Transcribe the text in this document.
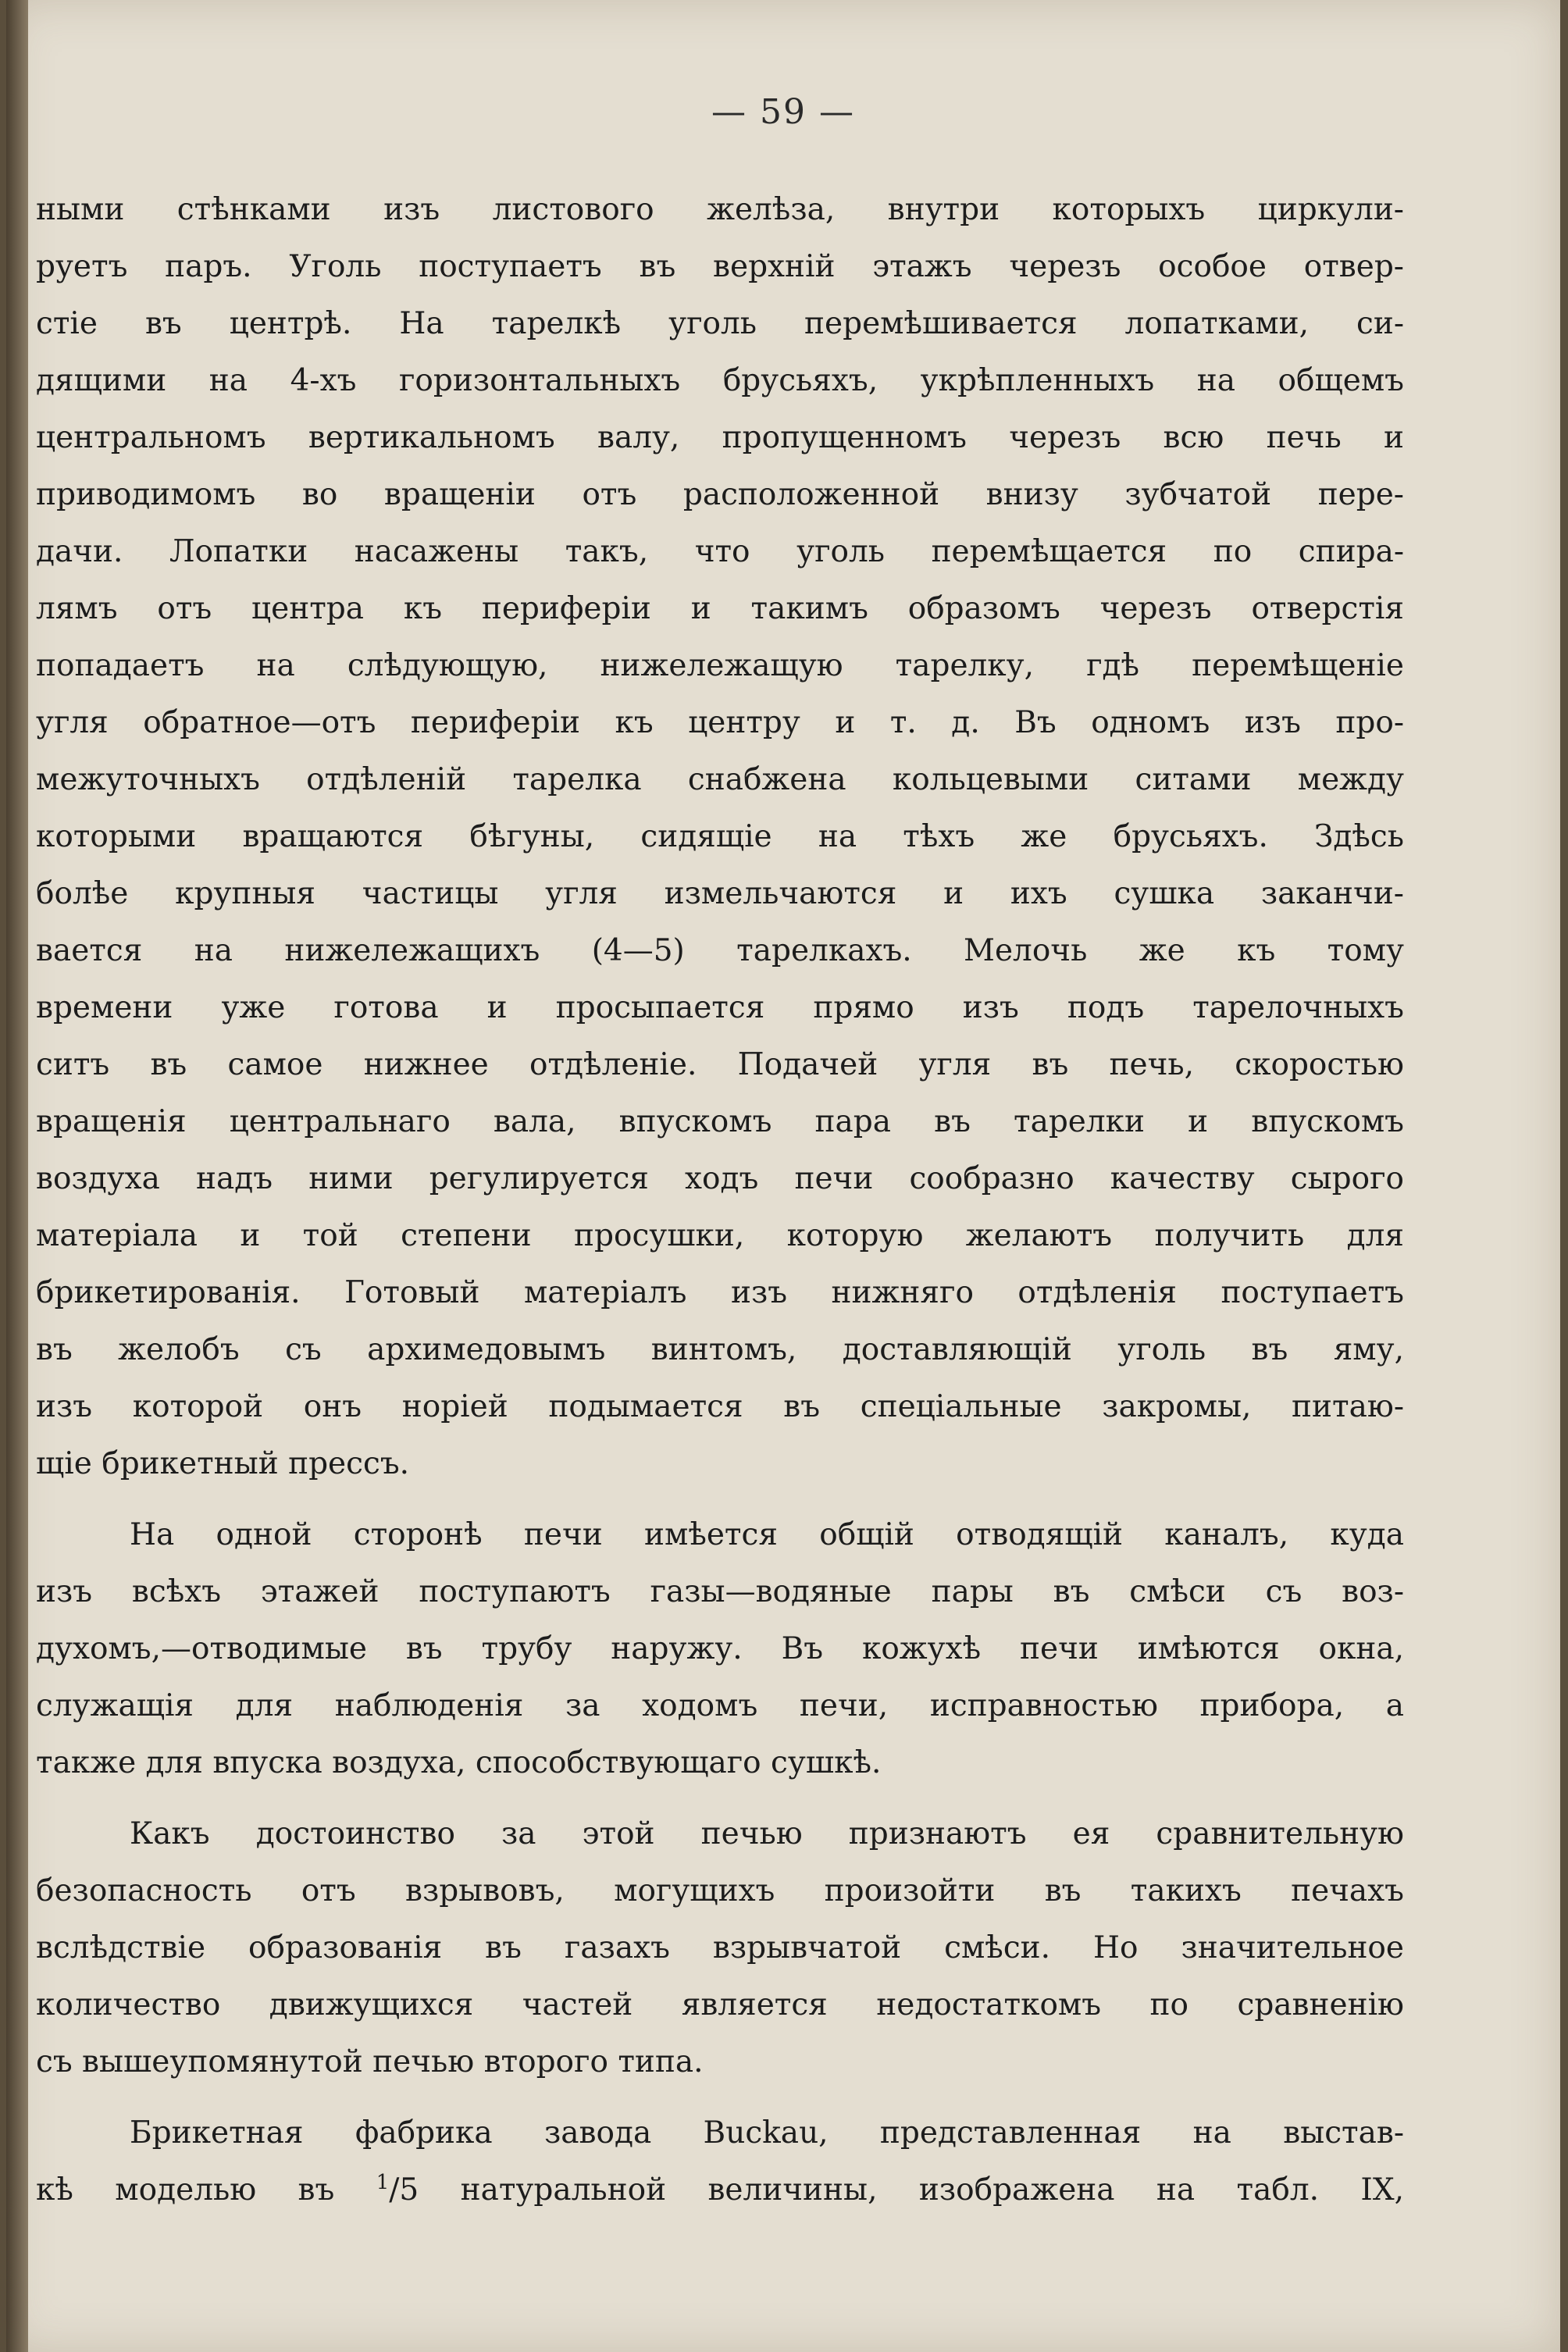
— 59 —
ными стѣнками изъ листового желѣза, внутри которыхъ циркули-
руетъ паръ. Уголь поступаетъ въ верхній этажъ черезъ особое отвер-
стіе въ центрѣ. На тарелкѣ уголь перемѣшивается лопатками, си-
дящими на 4-хъ горизонтальныхъ брусьяхъ, укрѣпленныхъ на общемъ
центральномъ вертикальномъ валу, пропущенномъ черезъ всю печь и
приводимомъ во вращеніи отъ расположенной внизу зубчатой пере-
дачи. Лопатки насажены такъ, что уголь перемѣщается по спира-
лямъ отъ центра къ периферіи и такимъ образомъ черезъ отверстія
попадаетъ на слѣдующую, нижележащую тарелку, гдѣ перемѣщеніе
угля обратное—отъ периферіи къ центру и т. д. Въ одномъ изъ про-
межуточныхъ отдѣленій тарелка снабжена кольцевыми ситами между
которыми вращаются бѣгуны, сидящіе на тѣхъ же брусьяхъ. Здѣсь
болѣе крупныя частицы угля измельчаются и ихъ сушка заканчи-
вается на нижележащихъ (4—5) тарелкахъ. Мелочь же къ тому
времени уже готова и просыпается прямо изъ подъ тарелочныхъ
ситъ въ самое нижнее отдѣленіе. Подачей угля въ печь, скоростью
вращенія центральнаго вала, впускомъ пара въ тарелки и впускомъ
воздуха надъ ними регулируется ходъ печи сообразно качеству сырого
матеріала и той степени просушки, которую желаютъ получить для
брикетированія. Готовый матеріалъ изъ нижняго отдѣленія поступаетъ
въ желобъ съ архимедовымъ винтомъ, доставляющій уголь въ яму,
изъ которой онъ норіей подымается въ спеціальные закромы, питаю-
щіе брикетный прессъ.
На одной сторонѣ печи имѣется общій отводящій каналъ, куда
изъ всѣхъ этажей поступаютъ газы—водяные пары въ смѣси съ воз-
духомъ,—отводимые въ трубу наружу. Въ кожухѣ печи имѣются окна,
служащія для наблюденія за ходомъ печи, исправностью прибора, а
также для впуска воздуха, способствующаго сушкѣ.
Какъ достоинство за этой печью признаютъ ея сравнительную
безопасность отъ взрывовъ, могущихъ произойти въ такихъ печахъ
вслѣдствіе образованія въ газахъ взрывчатой смѣси. Но значительное
количество движущихся частей является недостаткомъ по сравненію
съ вышеупомянутой печью второго типа.
Брикетная фабрика завода Buckau, представленная на выстав-
кѣ моделью въ $^1$/5 натуральной величины, изображена на табл. IX,
